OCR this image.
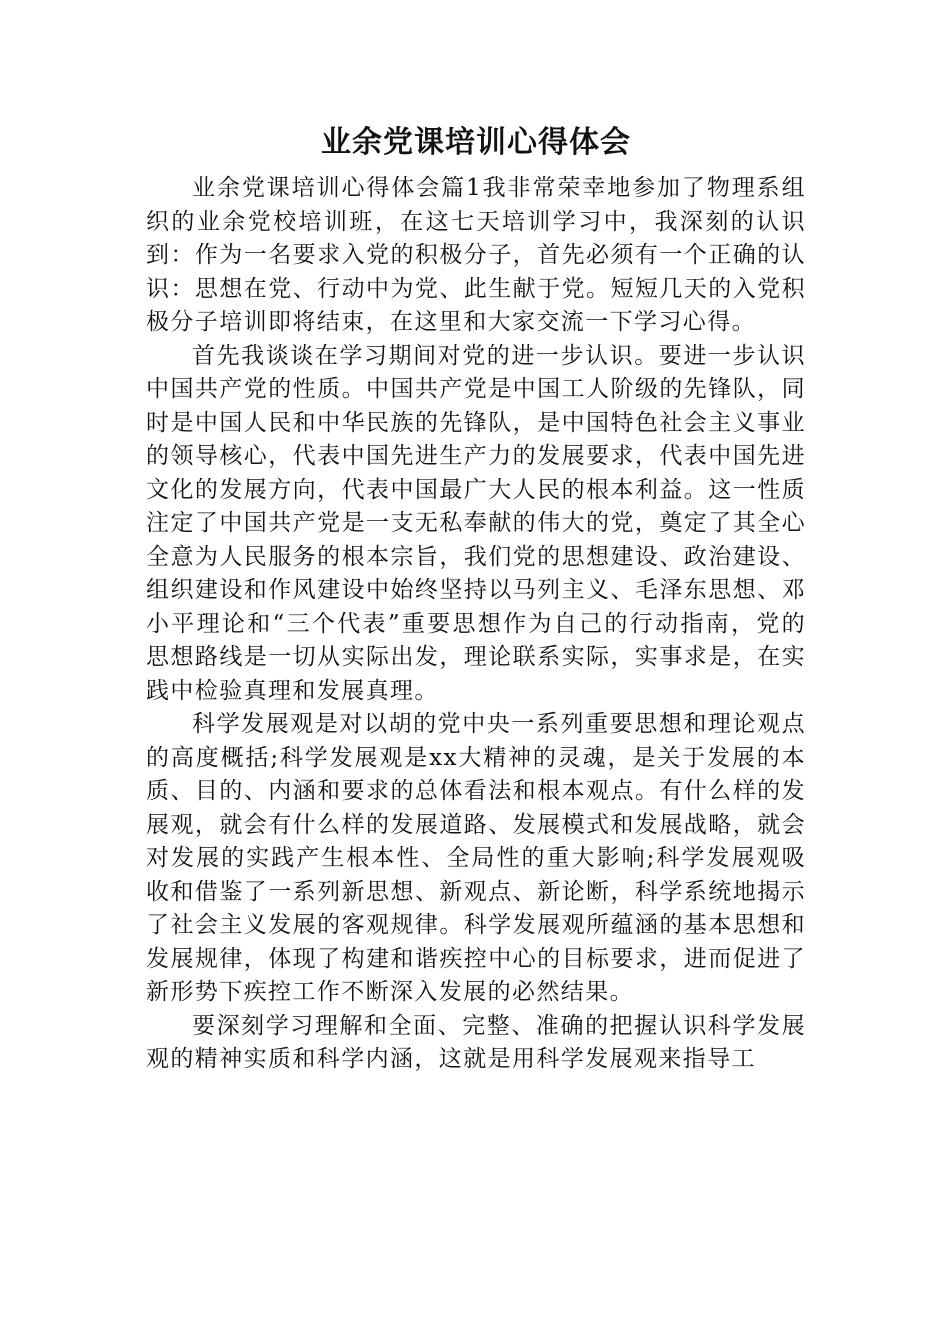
业余党课培训心得体会

业余党课培训心得体会篇1我非常荣幸地参加了物理系组织的业余党校培训班，在这七天培训学习中，我深刻的认识到：作为一名要求入党的积极分子，首先必须有一个正确的认识：思想在党、行动中为党、此生献于党。短短几天的入党积极分子培训即将结束，在这里和大家交流一下学习心得。

首先我谈谈在学习期间对党的进一步认识。要进一步认识中国共产党的性质。中国共产党是中国工人阶级的先锋队，同时是中国人民和中华民族的先锋队，是中国特色社会主义事业的领导核心，代表中国先进生产力的发展要求，代表中国先进文化的发展方向，代表中国最广大人民的根本利益。这一性质注定了中国共产党是一支无私奉献的伟大的党，奠定了其全心全意为人民服务的根本宗旨，我们党的思想建设、政治建设、组织建设和作风建设中始终坚持以马列主义、毛泽东思想、邓小平理论和“三个代表”重要思想作为自己的行动指南，党的思想路线是一切从实际出发，理论联系实际，实事求是，在实践中检验真理和发展真理。

科学发展观是对以胡的党中央一系列重要思想和理论观点的高度概括;科学发展观是xx大精神的灵魂，是关于发展的本质、目的、内涵和要求的总体看法和根本观点。有什么样的发展观，就会有什么样的发展道路、发展模式和发展战略，就会对发展的实践产生根本性、全局性的重大影响;科学发展观吸收和借鉴了一系列新思想、新观点、新论断，科学系统地揭示了社会主义发展的客观规律。科学发展观所蕴涵的基本思想和发展规律，体现了构建和谐疾控中心的目标要求，进而促进了新形势下疾控工作不断深入发展的必然结果。

要深刻学习理解和全面、完整、准确的把握认识科学发展观的精神实质和科学内涵，这就是用科学发展观来指导工
